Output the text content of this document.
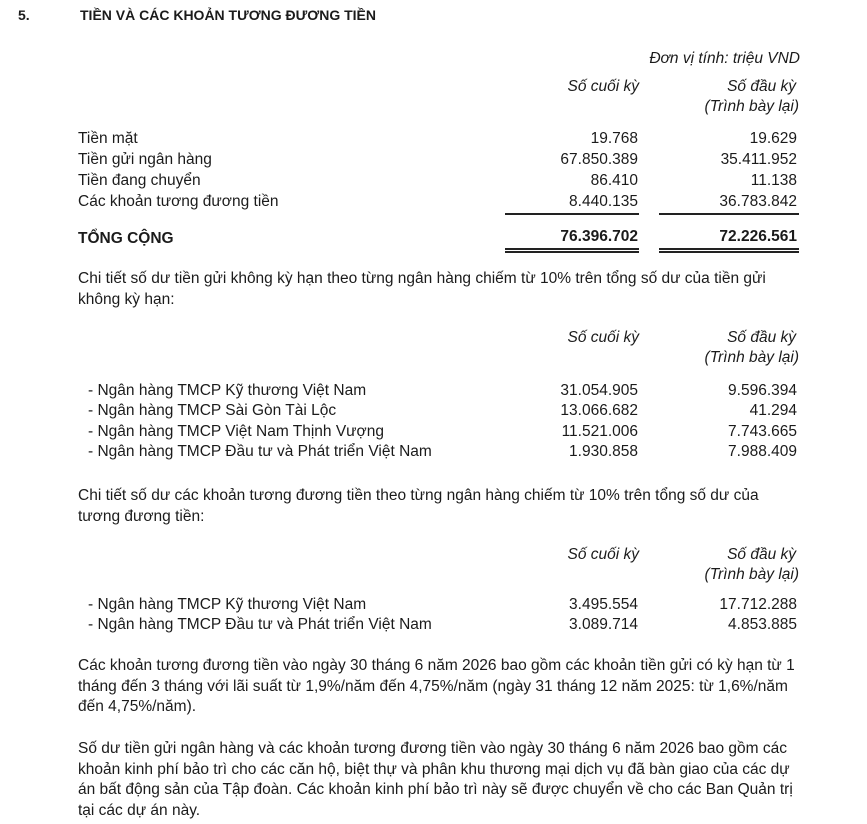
5.	TIỀN VÀ CÁC KHOẢN TƯƠNG ĐƯƠNG TIỀN
Đơn vị tính: triệu VND
Số cuối kỳ	Số đầu kỳ
(Trình bày lại)
Tiền mặt	19.768	19.629
Tiền gửi ngân hàng	67.850.389	35.411.952
Tiền đang chuyển	86.410	11.138
Các khoản tương đương tiền	8.440.135	36.783.842
TỔNG CỘNG	76.396.702	72.226.561
Chi tiết số dư tiền gửi không kỳ hạn theo từng ngân hàng chiếm từ 10% trên tổng số dư của tiền gửi không kỳ hạn:
Số cuối kỳ	Số đầu kỳ
(Trình bày lại)
- Ngân hàng TMCP Kỹ thương Việt Nam	31.054.905	9.596.394
- Ngân hàng TMCP Sài Gòn Tài Lộc	13.066.682	41.294
- Ngân hàng TMCP Việt Nam Thịnh Vượng	11.521.006	7.743.665
- Ngân hàng TMCP Đầu tư và Phát triển Việt Nam	1.930.858	7.988.409
Chi tiết số dư các khoản tương đương tiền theo từng ngân hàng chiếm từ 10% trên tổng số dư của tương đương tiền:
Số cuối kỳ	Số đầu kỳ
(Trình bày lại)
- Ngân hàng TMCP Kỹ thương Việt Nam	3.495.554	17.712.288
- Ngân hàng TMCP Đầu tư và Phát triển Việt Nam	3.089.714	4.853.885
Các khoản tương đương tiền vào ngày 30 tháng 6 năm 2026 bao gồm các khoản tiền gửi có kỳ hạn từ 1 tháng đến 3 tháng với lãi suất từ 1,9%/năm đến 4,75%/năm (ngày 31 tháng 12 năm 2025: từ 1,6%/năm đến 4,75%/năm).
Số dư tiền gửi ngân hàng và các khoản tương đương tiền vào ngày 30 tháng 6 năm 2026 bao gồm các khoản kinh phí bảo trì cho các căn hộ, biệt thự và phân khu thương mại dịch vụ đã bàn giao của các dự án bất động sản của Tập đoàn. Các khoản kinh phí bảo trì này sẽ được chuyển về cho các Ban Quản trị tại các dự án này.
